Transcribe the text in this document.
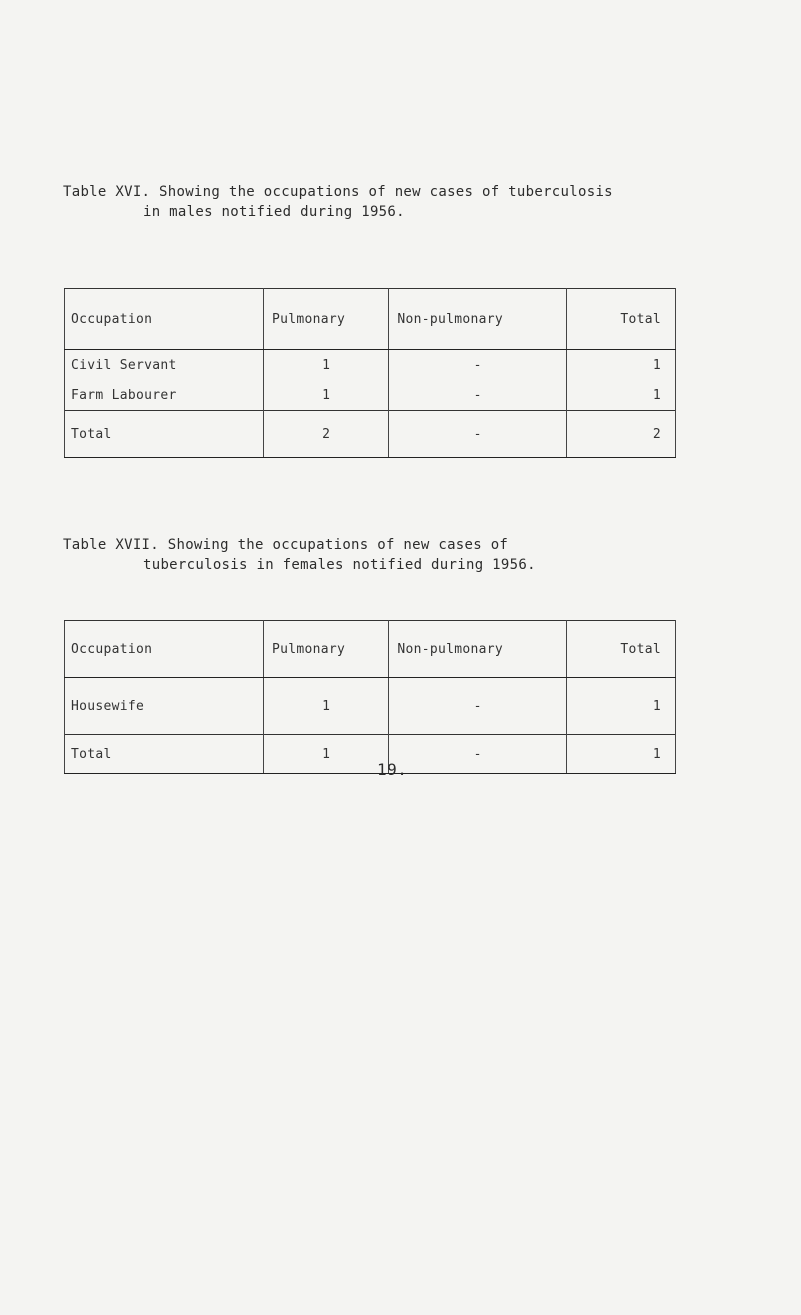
Table XVI. Showing the occupations of new cases of tuberculosis
in males notified during 1956.
Occupation	Pulmonary	Non-pulmonary	Total
Civil Servant	1	-	1
Farm Labourer	1	-	1
Total	2	-	2
Table XVII. Showing the occupations of new cases of
tuberculosis in females notified during 1956.
Occupation	Pulmonary	Non-pulmonary	Total
Housewife	1	-	1
Total	1	-	1
19.
